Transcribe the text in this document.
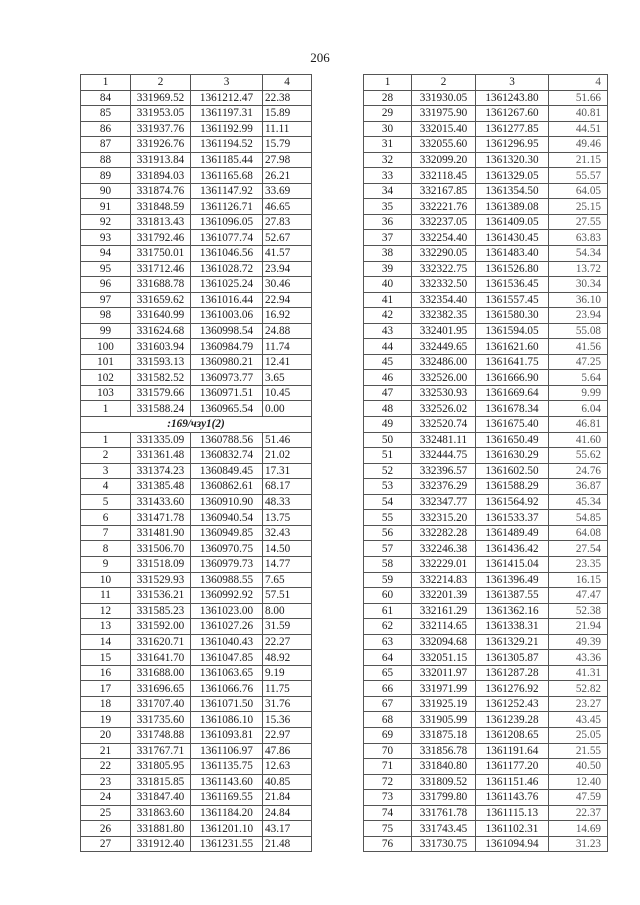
206
1	2	3	4
84	331969.52	1361212.47	22.38
85	331953.05	1361197.31	15.89
86	331937.76	1361192.99	11.11
87	331926.76	1361194.52	15.79
88	331913.84	1361185.44	27.98
89	331894.03	1361165.68	26.21
90	331874.76	1361147.92	33.69
91	331848.59	1361126.71	46.65
92	331813.43	1361096.05	27.83
93	331792.46	1361077.74	52.67
94	331750.01	1361046.56	41.57
95	331712.46	1361028.72	23.94
96	331688.78	1361025.24	30.46
97	331659.62	1361016.44	22.94
98	331640.99	1361003.06	16.92
99	331624.68	1360998.54	24.88
100	331603.94	1360984.79	11.74
101	331593.13	1360980.21	12.41
102	331582.52	1360973.77	3.65
103	331579.66	1360971.51	10.45
1	331588.24	1360965.54	0.00
:169/чзу1(2)			
1	331335.09	1360788.56	51.46
2	331361.48	1360832.74	21.02
3	331374.23	1360849.45	17.31
4	331385.48	1360862.61	68.17
5	331433.60	1360910.90	48.33
6	331471.78	1360940.54	13.75
7	331481.90	1360949.85	32.43
8	331506.70	1360970.75	14.50
9	331518.09	1360979.73	14.77
10	331529.93	1360988.55	7.65
11	331536.21	1360992.92	57.51
12	331585.23	1361023.00	8.00
13	331592.00	1361027.26	31.59
14	331620.71	1361040.43	22.27
15	331641.70	1361047.85	48.92
16	331688.00	1361063.65	9.19
17	331696.65	1361066.76	11.75
18	331707.40	1361071.50	31.76
19	331735.60	1361086.10	15.36
20	331748.88	1361093.81	22.97
21	331767.71	1361106.97	47.86
22	331805.95	1361135.75	12.63
23	331815.85	1361143.60	40.85
24	331847.40	1361169.55	21.84
25	331863.60	1361184.20	24.84
26	331881.80	1361201.10	43.17
27	331912.40	1361231.55	21.48
1	2	3	4
28	331930.05	1361243.80	51.66
29	331975.90	1361267.60	40.81
30	332015.40	1361277.85	44.51
31	332055.60	1361296.95	49.46
32	332099.20	1361320.30	21.15
33	332118.45	1361329.05	55.57
34	332167.85	1361354.50	64.05
35	332221.76	1361389.08	25.15
36	332237.05	1361409.05	27.55
37	332254.40	1361430.45	63.83
38	332290.05	1361483.40	54.34
39	332322.75	1361526.80	13.72
40	332332.50	1361536.45	30.34
41	332354.40	1361557.45	36.10
42	332382.35	1361580.30	23.94
43	332401.95	1361594.05	55.08
44	332449.65	1361621.60	41.56
45	332486.00	1361641.75	47.25
46	332526.00	1361666.90	5.64
47	332530.93	1361669.64	9.99
48	332526.02	1361678.34	6.04
49	332520.74	1361675.40	46.81
50	332481.11	1361650.49	41.60
51	332444.75	1361630.29	55.62
52	332396.57	1361602.50	24.76
53	332376.29	1361588.29	36.87
54	332347.77	1361564.92	45.34
55	332315.20	1361533.37	54.85
56	332282.28	1361489.49	64.08
57	332246.38	1361436.42	27.54
58	332229.01	1361415.04	23.35
59	332214.83	1361396.49	16.15
60	332201.39	1361387.55	47.47
61	332161.29	1361362.16	52.38
62	332114.65	1361338.31	21.94
63	332094.68	1361329.21	49.39
64	332051.15	1361305.87	43.36
65	332011.97	1361287.28	41.31
66	331971.99	1361276.92	52.82
67	331925.19	1361252.43	23.27
68	331905.99	1361239.28	43.45
69	331875.18	1361208.65	25.05
70	331856.78	1361191.64	21.55
71	331840.80	1361177.20	40.50
72	331809.52	1361151.46	12.40
73	331799.80	1361143.76	47.59
74	331761.78	1361115.13	22.37
75	331743.45	1361102.31	14.69
76	331730.75	1361094.94	31.23
